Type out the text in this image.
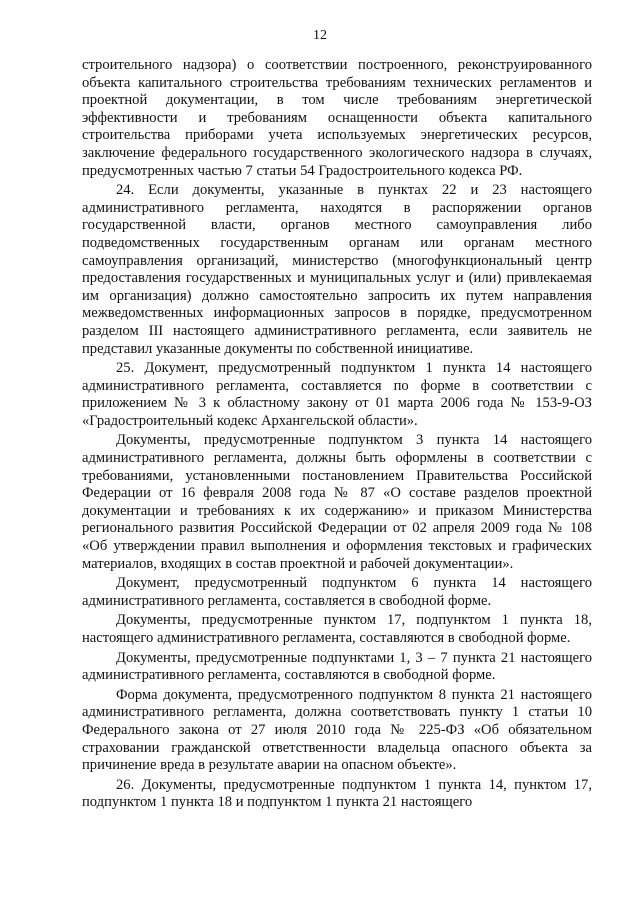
12

строительного надзора) о соответствии построенного, реконструированного объекта капитального строительства требованиям технических регламентов и проектной документации, в том числе требованиям энергетической эффективности и требованиям оснащенности объекта капитального строительства приборами учета используемых энергетических ресурсов, заключение федерального государственного экологического надзора в случаях, предусмотренных частью 7 статьи 54 Градостроительного кодекса РФ.

24. Если документы, указанные в пунктах 22 и 23 настоящего административного регламента, находятся в распоряжении органов государственной власти, органов местного самоуправления либо подведомственных государственным органам или органам местного самоуправления организаций, министерство (многофункциональный центр предоставления государственных и муниципальных услуг и (или) привлекаемая им организация) должно самостоятельно запросить их путем направления межведомственных информационных запросов в порядке, предусмотренном разделом III настоящего административного регламента, если заявитель не представил указанные документы по собственной инициативе.

25. Документ, предусмотренный подпунктом 1 пункта 14 настоящего административного регламента, составляется по форме в соответствии с приложением № 3 к областному закону от 01 марта 2006 года № 153-9-ОЗ «Градостроительный кодекс Архангельской области».

Документы, предусмотренные подпунктом 3 пункта 14 настоящего административного регламента, должны быть оформлены в соответствии с требованиями, установленными постановлением Правительства Российской Федерации от 16 февраля 2008 года № 87 «О составе разделов проектной документации и требованиях к их содержанию» и приказом Министерства регионального развития Российской Федерации от 02 апреля 2009 года № 108 «Об утверждении правил выполнения и оформления текстовых и графических материалов, входящих в состав проектной и рабочей документации».

Документ, предусмотренный подпунктом 6 пункта 14 настоящего административного регламента, составляется в свободной форме.

Документы, предусмотренные пунктом 17, подпунктом 1 пункта 18, настоящего административного регламента, составляются в свободной форме.

Документы, предусмотренные подпунктами 1, 3 – 7 пункта 21 настоящего административного регламента, составляются в свободной форме.

Форма документа, предусмотренного подпунктом 8 пункта 21 настоящего административного регламента, должна соответствовать пункту 1 статьи 10 Федерального закона от 27 июля 2010 года № 225-ФЗ «Об обязательном страховании гражданской ответственности владельца опасного объекта за причинение вреда в результате аварии на опасном объекте».

26. Документы, предусмотренные подпунктом 1 пункта 14, пунктом 17, подпунктом 1 пункта 18 и подпунктом 1 пункта 21 настоящего
